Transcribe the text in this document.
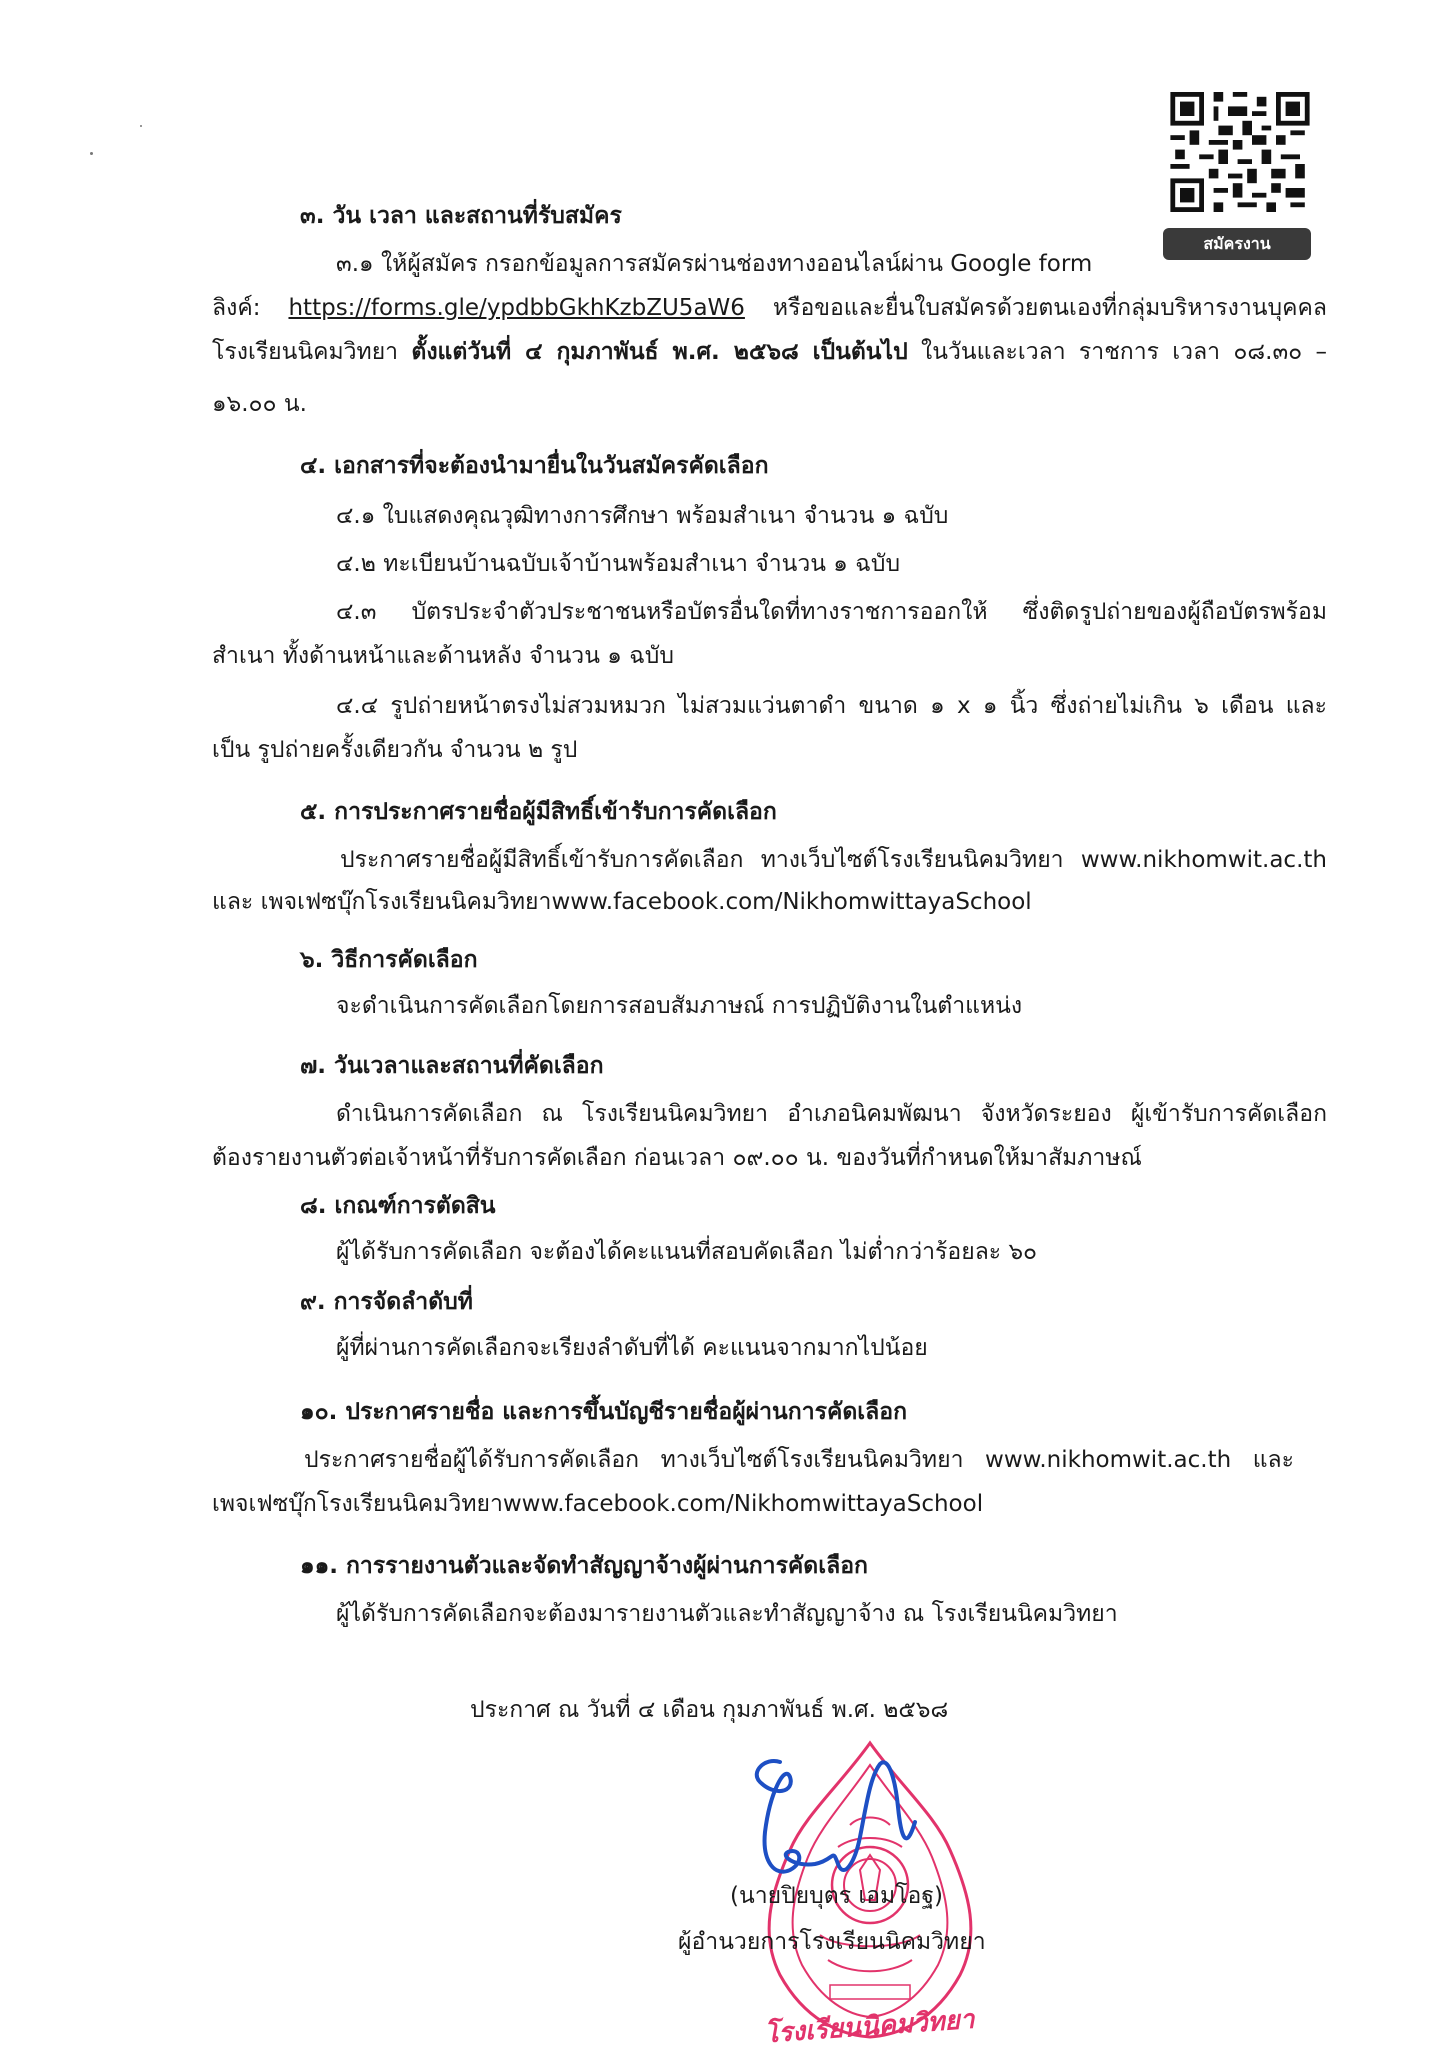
สมัครงาน
๓. วัน เวลา และสถานที่รับสมัคร
๓.๑ ให้ผู้สมัคร กรอกข้อมูลการสมัครผ่านช่องทางออนไลน์ผ่าน Google form
ลิงค์: https://forms.gle/ypdbbGkhKzbZU5aW6 หรือขอและยื่นใบสมัครด้วยตนเองที่กลุ่มบริหารงานบุคคล
โรงเรียนนิคมวิทยา ตั้งแต่วันที่ ๔ กุมภาพันธ์ พ.ศ. ๒๕๖๘ เป็นต้นไป ในวันและเวลา ราชการ เวลา ๐๘.๓๐ –
๑๖.๐๐ น.
๔. เอกสารที่จะต้องนำมายื่นในวันสมัครคัดเลือก
๔.๑ ใบแสดงคุณวุฒิทางการศึกษา พร้อมสำเนา จำนวน ๑ ฉบับ
๔.๒ ทะเบียนบ้านฉบับเจ้าบ้านพร้อมสำเนา จำนวน ๑ ฉบับ
๔.๓ บัตรประจำตัวประชาชนหรือบัตรอื่นใดที่ทางราชการออกให้ ซึ่งติดรูปถ่ายของผู้ถือบัตรพร้อม
สำเนา ทั้งด้านหน้าและด้านหลัง จำนวน ๑ ฉบับ
๔.๔ รูปถ่ายหน้าตรงไม่สวมหมวก ไม่สวมแว่นตาดำ ขนาด ๑ x ๑ นิ้ว ซึ่งถ่ายไม่เกิน ๖ เดือน และ
เป็น รูปถ่ายครั้งเดียวกัน จำนวน ๒ รูป
๕. การประกาศรายชื่อผู้มีสิทธิ์เข้ารับการคัดเลือก
ประกาศรายชื่อผู้มีสิทธิ์เข้ารับการคัดเลือก ทางเว็บไซต์โรงเรียนนิคมวิทยา www.nikhomwit.ac.th
และ เพจเฟซบุ๊กโรงเรียนนิคมวิทยาwww.facebook.com/NikhomwittayaSchool
๖. วิธีการคัดเลือก
จะดำเนินการคัดเลือกโดยการสอบสัมภาษณ์ การปฏิบัติงานในตำแหน่ง
๗. วันเวลาและสถานที่คัดเลือก
ดำเนินการคัดเลือก ณ โรงเรียนนิคมวิทยา อำเภอนิคมพัฒนา จังหวัดระยอง ผู้เข้ารับการคัดเลือก
ต้องรายงานตัวต่อเจ้าหน้าที่รับการคัดเลือก ก่อนเวลา ๐๙.๐๐ น. ของวันที่กำหนดให้มาสัมภาษณ์
๘. เกณฑ์การตัดสิน
ผู้ได้รับการคัดเลือก จะต้องได้คะแนนที่สอบคัดเลือก ไม่ต่ำกว่าร้อยละ ๖๐
๙. การจัดลำดับที่
ผู้ที่ผ่านการคัดเลือกจะเรียงลำดับที่ได้ คะแนนจากมากไปน้อย
๑๐. ประกาศรายชื่อ และการขึ้นบัญชีรายชื่อผู้ผ่านการคัดเลือก
ประกาศรายชื่อผู้ได้รับการคัดเลือก ทางเว็บไซต์โรงเรียนนิคมวิทยา www.nikhomwit.ac.th และ
เพจเฟซบุ๊กโรงเรียนนิคมวิทยาwww.facebook.com/NikhomwittayaSchool
๑๑. การรายงานตัวและจัดทำสัญญาจ้างผู้ผ่านการคัดเลือก
ผู้ได้รับการคัดเลือกจะต้องมารายงานตัวและทำสัญญาจ้าง ณ โรงเรียนนิคมวิทยา
ประกาศ ณ วันที่ ๔ เดือน กุมภาพันธ์ พ.ศ. ๒๕๖๘
โรงเรียนนิคมวิทยา
(นายปิยบุตร เอมโอฐ)
ผู้อำนวยการโรงเรียนนิคมวิทยา
